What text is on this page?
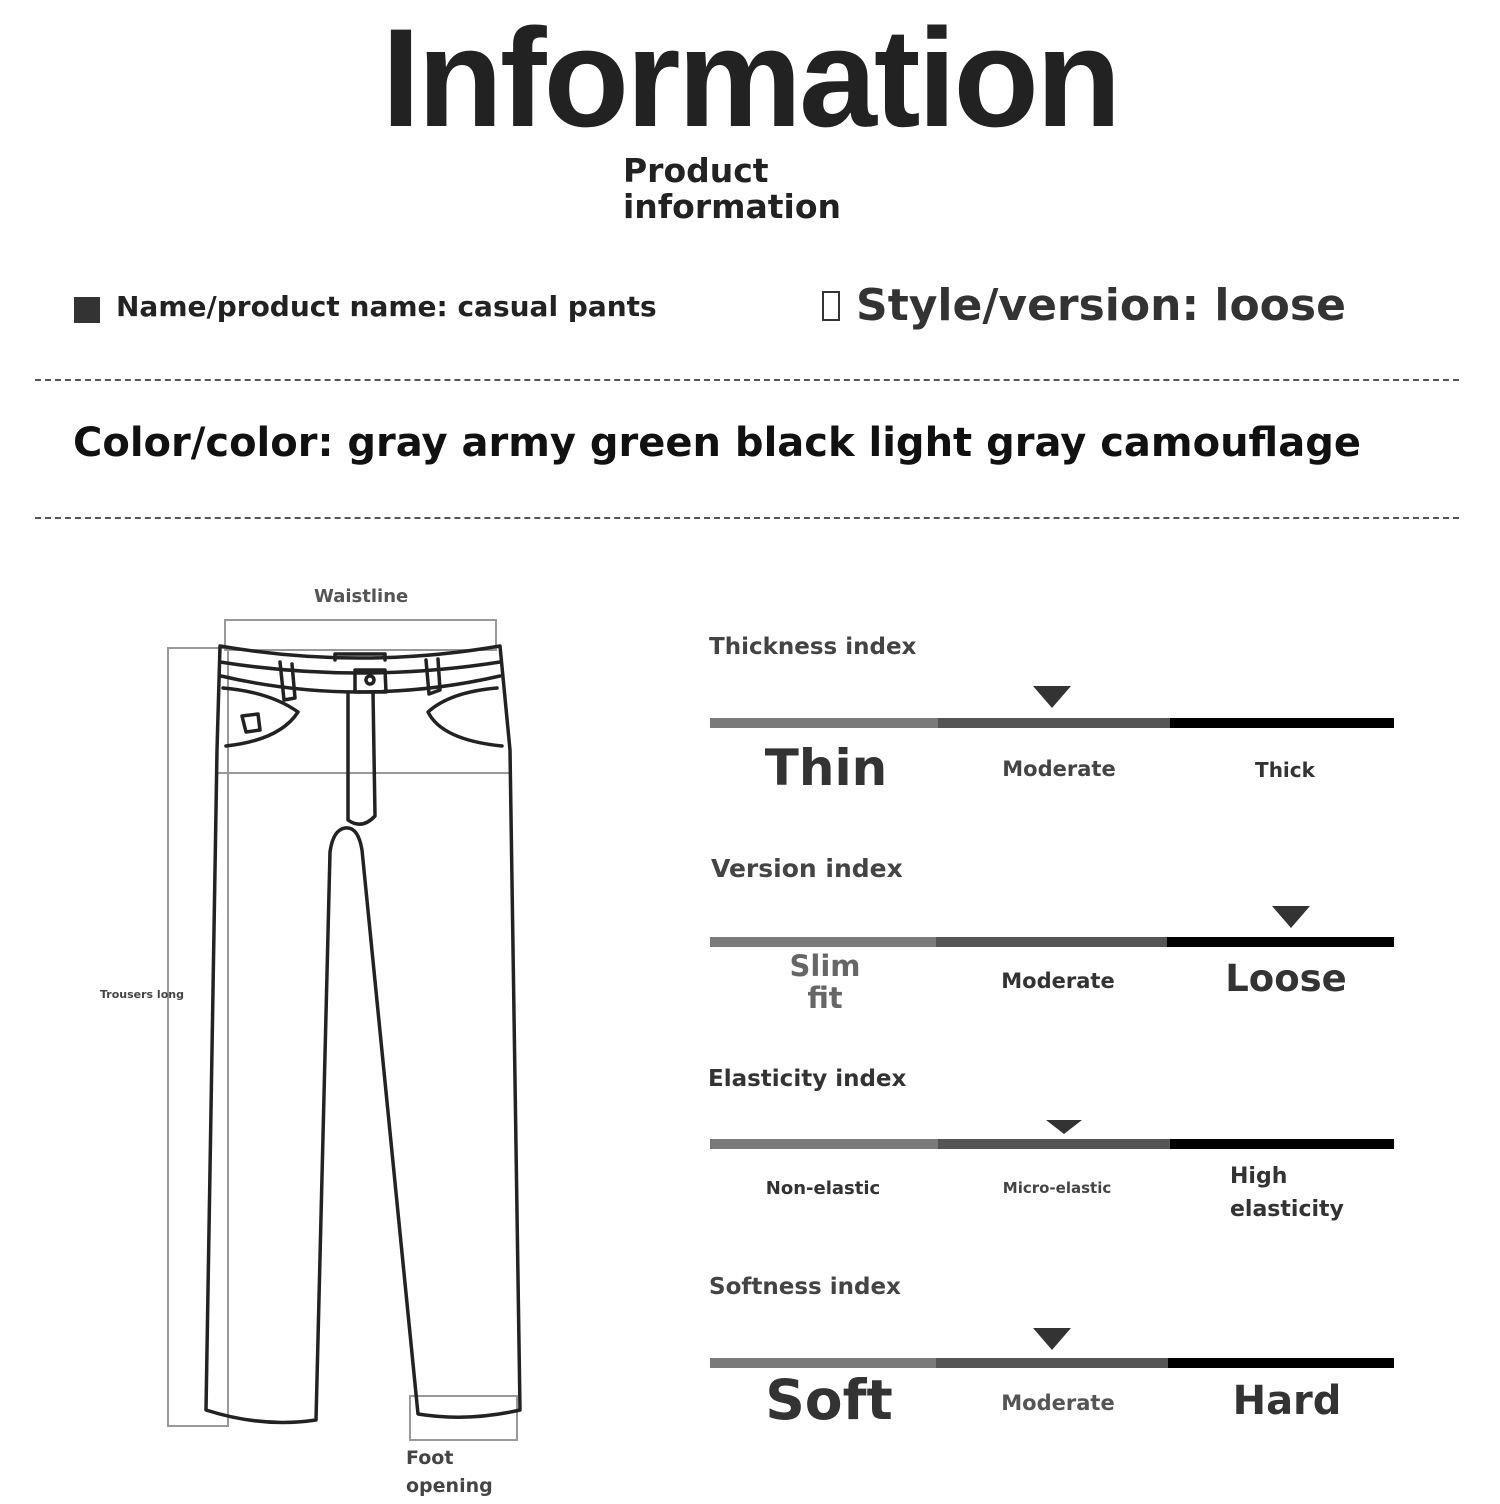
Information
Product
information
Name/product name: casual pants	Style/version: loose
Color/color: gray army green black light gray camouflage
Waistline
Trousers long
Foot
opening
Thickness index
Thin	Moderate	Thick
Version index
Slim fit	Moderate	Loose
Elasticity index
Non-elastic	Micro-elastic	High elasticity
Softness index
Soft	Moderate	Hard
